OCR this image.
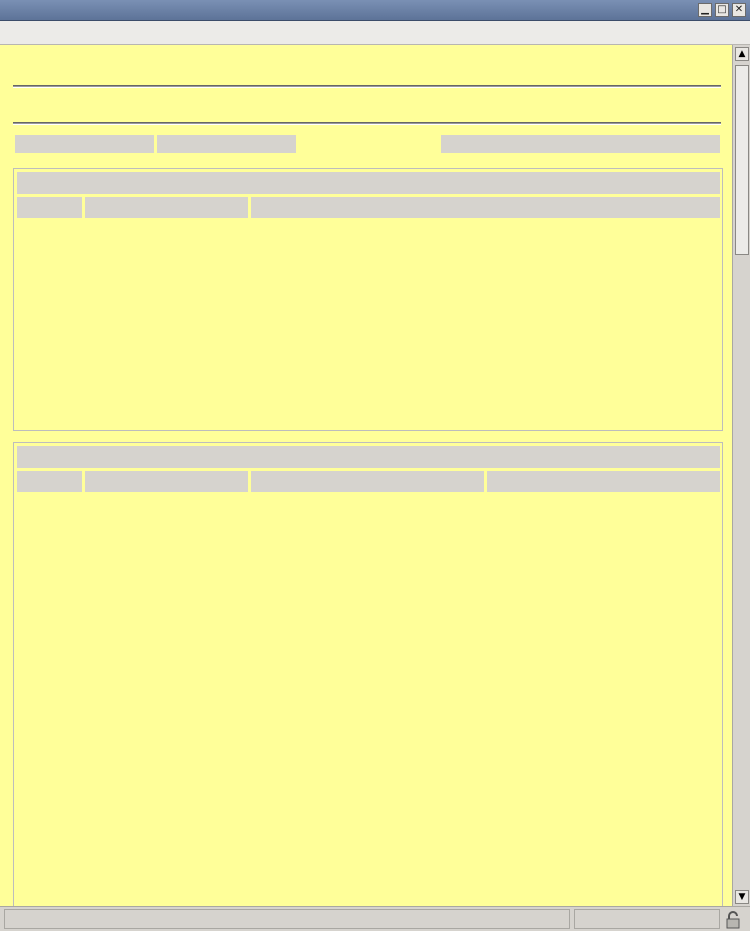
▁ □ ✕
▲
▼
